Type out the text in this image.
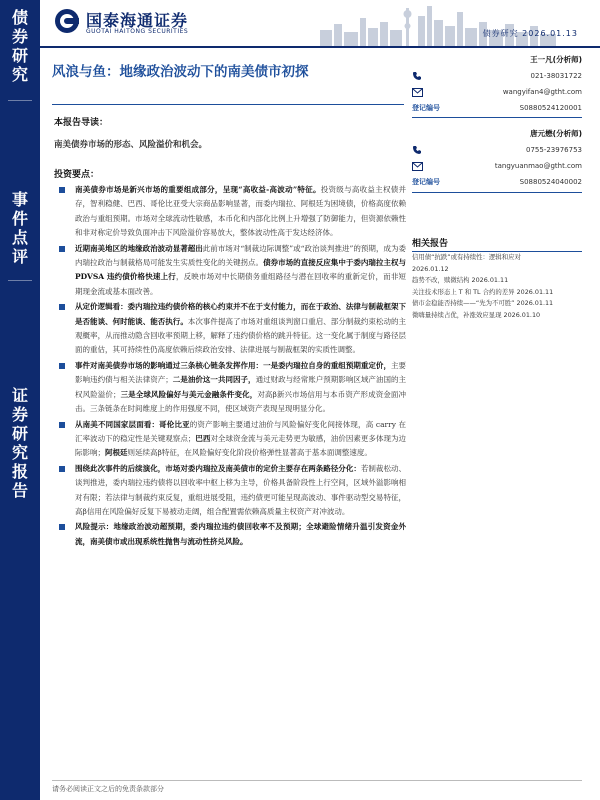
债券研究
事件点评
证券研究报告
国泰海通证券
GUOTAI HAITONG SECURITIES	债券研究 2026.01.13
风浪与鱼：地缘政治波动下的南美债市初探
本报告导读：
南美债券市场的形态、风险溢价和机会。
投资要点：
南美债券市场是新兴市场的重要组成部分，呈现“高收益-高波动”特征。投资级与高收益主权债并存，智利稳健、巴西、哥伦比亚受大宗商品影响显著，而委内瑞拉、阿根廷为困境债，价格高度依赖政治与重组预期。市场对全球流动性敏感，本币化和内部化比例上升增强了防御能力，但资源依赖性和非对称定价导致负面冲击下风险溢价容易放大，整体波动性高于发达经济体。
近期南美地区的地缘政治波动显著超出此前市场对“制裁边际调整”或“政治谈判推进”的预期，成为委内瑞拉政治与制裁格局可能发生实质性变化的关键拐点。债券市场的直接反应集中于委内瑞拉主权与 PDVSA 违约债价格快速上行，反映市场对中长期债务重组路径与潜在回收率的重新定价，而非短期现金流或基本面改善。
从定价逻辑看：委内瑞拉违约债价格的核心约束并不在于支付能力，而在于政治、法律与制裁框架下是否能谈、何时能谈、能否执行。本次事件提高了市场对重组谈判窗口重启、部分制裁约束松动的主观概率，从而推动隐含回收率预期上移，解释了违约债价格的跳升特征。这一变化属于制度与路径层面的重估，其可持续性仍高度依赖后续政治安排、法律进展与制裁框架的实质性调整。
事件对南美债券市场的影响通过三条核心链条发挥作用：一是委内瑞拉自身的重组预期重定价，主要影响违约债与相关法律资产；二是油价这一共同因子，通过财政与经常账户预期影响区域产油国的主权风险溢价；三是全球风险偏好与美元金融条件变化，对高β新兴市场信用与本币资产形成资金面冲击。三条链条在时间维度上的作用强度不同，使区域资产表现呈现明显分化。
从南美不同国家层面看：哥伦比亚的资产影响主要通过油价与风险偏好变化间接体现，高 carry 在汇率波动下的稳定性是关键观察点；巴西对全球资金流与美元走势更为敏感，油价因素更多体现为边际影响；阿根廷则延续高β特征，在风险偏好变化阶段价格弹性显著高于基本面调整速度。
围绕此次事件的后续演化，市场对委内瑞拉及南美债市的定价主要存在两条路径分化：若制裁松动、谈判推进，委内瑞拉违约债将以回收率中枢上移为主导，价格具备阶段性上行空间，区域外溢影响相对有限；若法律与制裁约束反复，重组进展受阻，违约债更可能呈现高波动、事件驱动型交易特征，高β信用在风险偏好反复下易被动走阔，组合配置需依赖高质量主权资产对冲波动。
风险提示：地缘政治波动超预期，委内瑞拉违约债回收率不及预期；全球避险情绪升温引发资金外流，南美债市或出现系统性抛售与流动性挤兑风险。
王一凡(分析师)
021-38031722
wangyifan4@gtht.com
登记编号	S0880524120001
唐元懋(分析师)
0755-23976753
tangyuanmao@gtht.com
登记编号	S0880524040002
相关报告
信用债“抗跌”或有持续性：逻辑和应对 2026.01.12
趋势不改，赎微结构 2026.01.11
关注技术形态上 T 和 TL 合约的差异 2026.01.11
债市金稳能否持续——“先为不可胜” 2026.01.11
微嗨量持续占优，补涨效应显现 2026.01.10
请务必阅读正文之后的免责条款部分
